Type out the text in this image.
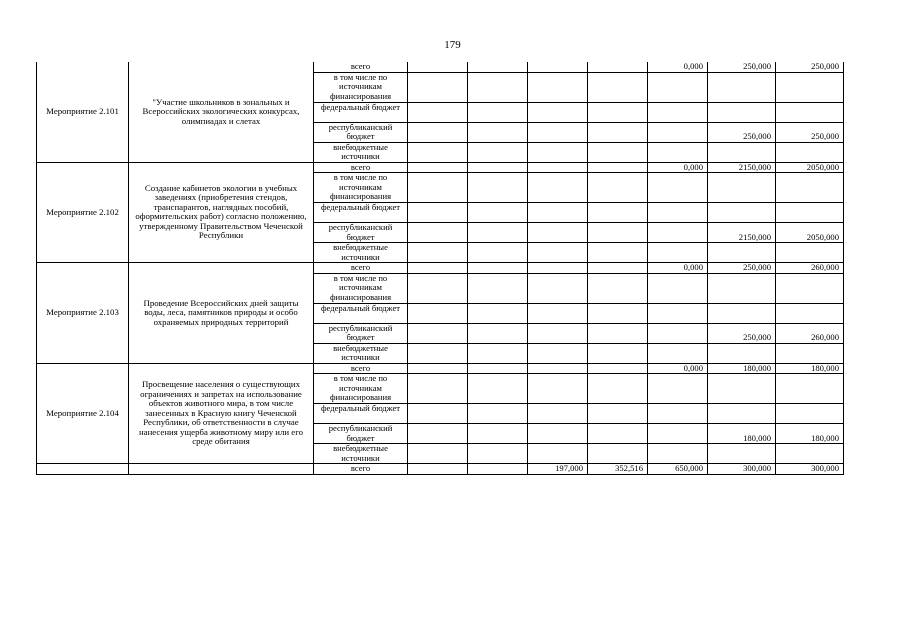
179
Мероприятие 2.101	"Участие школьников в зональных и Всероссийских экологических конкурсах, олимпиадах и слетах	всего					0,000	250,000	250,000
		в том числе по источникам финансирования							
		федеральный бюджет							
		республиканский бюджет						250,000	250,000
		внебюджетные источники							
Мероприятие 2.102	Создание кабинетов экологии в учебных заведениях (приобретения стендов, транспарантов, наглядных пособий, оформительских работ) согласно положению, утвержденному Правительством Чеченской Республики	всего					0,000	2150,000	2050,000
		в том числе по источникам финансирования							
		федеральный бюджет							
		республиканский бюджет						2150,000	2050,000
		внебюджетные источники							
Мероприятие 2.103	Проведение Всероссийских дней защиты воды, леса, памятников природы и особо охраняемых природных территорий	всего					0,000	250,000	260,000
		в том числе по источникам финансирования							
		федеральный бюджет							
		республиканский бюджет						250,000	260,000
		внебюджетные источники							
Мероприятие 2.104	Просвещение населения о существующих ограничениях и запретах на использование объектов животного мира, в том числе занесенных в Красную книгу Чеченской Республики, об ответственности в случае нанесения ущерба животному миру или его среде обитания	всего					0,000	180,000	180,000
		в том числе по источникам финансирования							
		федеральный бюджет							
		республиканский бюджет						180,000	180,000
		внебюджетные источники							
		всего			197,000	352,516	650,000	300,000	300,000
